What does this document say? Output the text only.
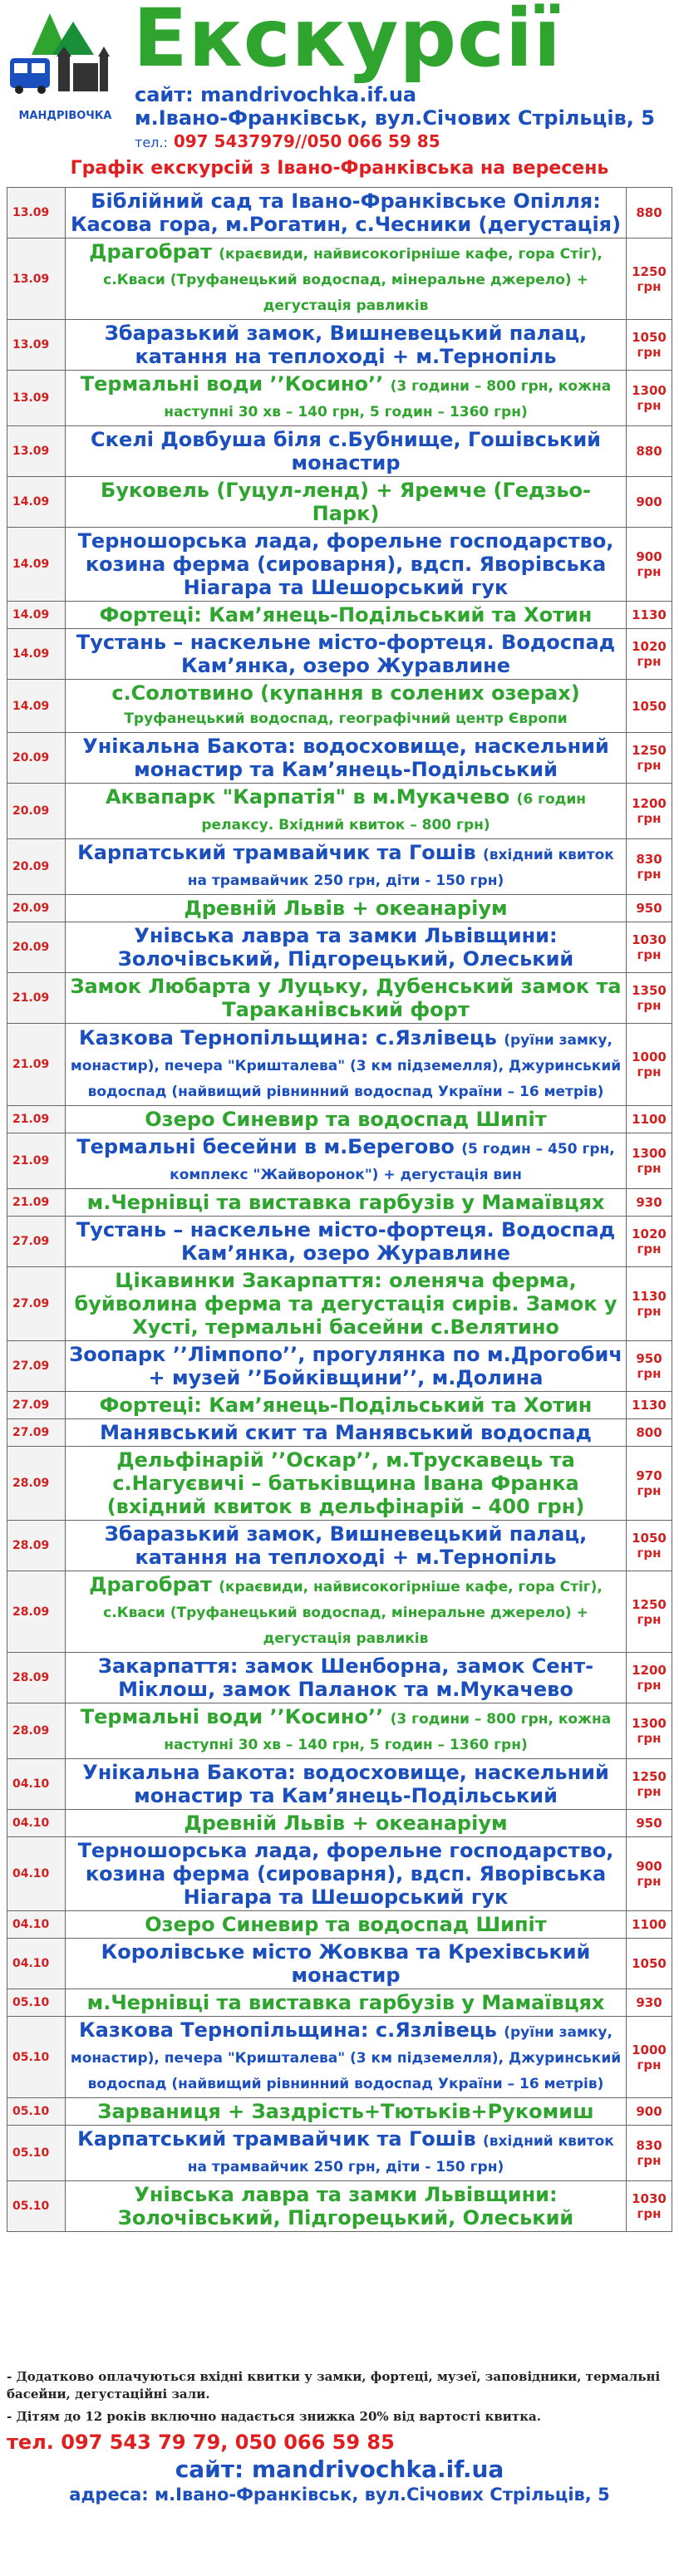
МАНДРІВОЧКА
Екскурсії
сайт: mandrivochka.if.ua
м.Івано-Франківськ, вул.Січових Стрільців, 5
тел.: 097 5437979//050 066 59 85
Графік екскурсій з Івано-Франківська на вересень
13.09	Біблійний сад та Івано-Франківське Опілля: Касова гора, м.Рогатин, с.Чесники (дегустація)	880
13.09	Драгобрат (краєвиди, найвисокогірніше кафе, гора Стіг), с.Кваси (Труфанецький водоспад, мінеральне джерело) + дегустація равликів	1250 грн
13.09	Збаразький замок, Вишневецький палац, катання на теплоході + м.Тернопіль	1050 грн
13.09	Термальні води ʼʼКосиноʼʼ (3 години – 800 грн, кожна наступні 30 хв – 140 грн, 5 годин – 1360 грн)	1300 грн
13.09	Скелі Довбуша біля с.Бубнище, Гошівський монастир	880
14.09	Буковель (Гуцул-ленд) + Яремче (Гедзьо-Парк)	900
14.09	Терношорська лада, форельне господарство, козина ферма (сироварня), вдсп. Яворівська Ніагара та Шешорський гук	900 грн
14.09	Фортеці: Кам’янець-Подільський та Хотин	1130
14.09	Тустань – наскельне місто-фортеця. Водоспад Кам’янка, озеро Журавлине	1020 грн
14.09	с.Солотвино (купання в солених озерах) Труфанецький водоспад, географічний центр Європи	1050
20.09	Унікальна Бакота: водосховище, наскельний монастир та Кам’янець-Подільський	1250 грн
20.09	Аквапарк "Карпатія" в м.Мукачево (6 годин релаксу. Вхідний квиток – 800 грн)	1200 грн
20.09	Карпатський трамвайчик та Гошів (вхідний квиток на трамвайчик 250 грн, діти - 150 грн)	830 грн
20.09	Древній Львів + океанаріум	950
20.09	Унівська лавра та замки Львівщини: Золочівський, Підгорецький, Олеський	1030 грн
21.09	Замок Любарта у Луцьку, Дубенський замок та Тараканівський форт	1350 грн
21.09	Казкова Тернопільщина: с.Язлівець (руїни замку, монастир), печера "Кришталева" (3 км підземелля), Джуринський водоспад (найвищий рівнинний водоспад України – 16 метрів)	1000 грн
21.09	Озеро Синевир та водоспад Шипіт	1100
21.09	Термальні бесейни в м.Берегово (5 годин – 450 грн, комплекс "Жайворонок") + дегустація вин	1300 грн
21.09	м.Чернівці та виставка гарбузів у Мамаївцях	930
27.09	Тустань – наскельне місто-фортеця. Водоспад Кам’янка, озеро Журавлине	1020 грн
27.09	Цікавинки Закарпаття: оленяча ферма, буйволина ферма та дегустація сирів. Замок у Хусті, термальні басейни с.Велятино	1130 грн
27.09	Зоопарк ʼʼЛімпопоʼʼ, прогулянка по м.Дрогобич + музей ʼʼБойківщиниʼʼ, м.Долина	950 грн
27.09	Фортеці: Кам’янець-Подільський та Хотин	1130
27.09	Манявський скит та Манявський водоспад	800
28.09	Дельфінарій ʼʼОскарʼʼ, м.Трускавець та с.Нагуєвичі – батьківщина Івана Франка (вхідний квиток в дельфінарій – 400 грн)	970 грн
28.09	Збаразький замок, Вишневецький палац, катання на теплоході + м.Тернопіль	1050 грн
28.09	Драгобрат (краєвиди, найвисокогірніше кафе, гора Стіг), с.Кваси (Труфанецький водоспад, мінеральне джерело) + дегустація равликів	1250 грн
28.09	Закарпаття: замок Шенборна, замок Сент- Міклош, замок Паланок та м.Мукачево	1200 грн
28.09	Термальні води ʼʼКосиноʼʼ (3 години – 800 грн, кожна наступні 30 хв – 140 грн, 5 годин – 1360 грн)	1300 грн
04.10	Унікальна Бакота: водосховище, наскельний монастир та Кам’янець-Подільський	1250 грн
04.10	Древній Львів + океанаріум	950
04.10	Терношорська лада, форельне господарство, козина ферма (сироварня), вдсп. Яворівська Ніагара та Шешорський гук	900 грн
04.10	Озеро Синевир та водоспад Шипіт	1100
04.10	Королівське місто Жовква та Крехівський монастир	1050
05.10	м.Чернівці та виставка гарбузів у Мамаївцях	930
05.10	Казкова Тернопільщина: с.Язлівець (руїни замку, монастир), печера "Кришталева" (3 км підземелля), Джуринський водоспад (найвищий рівнинний водоспад України – 16 метрів)	1000 грн
05.10	Зарваниця + Заздрість+Тютьків+Рукомиш	900
05.10	Карпатський трамвайчик та Гошів (вхідний квиток на трамвайчик 250 грн, діти - 150 грн)	830 грн
05.10	Унівська лавра та замки Львівщини: Золочівський, Підгорецький, Олеський	1030 грн
- Додатково оплачуються вхідні квитки у замки, фортеці, музеї, заповідники, термальні басейни, дегустаційні зали.
- Дітям до 12 років включно надається знижка 20% від вартості квитка.
тел. 097 543 79 79, 050 066 59 85
сайт: mandrivochka.if.ua
адреса: м.Івано-Франківськ, вул.Січових Стрільців, 5
